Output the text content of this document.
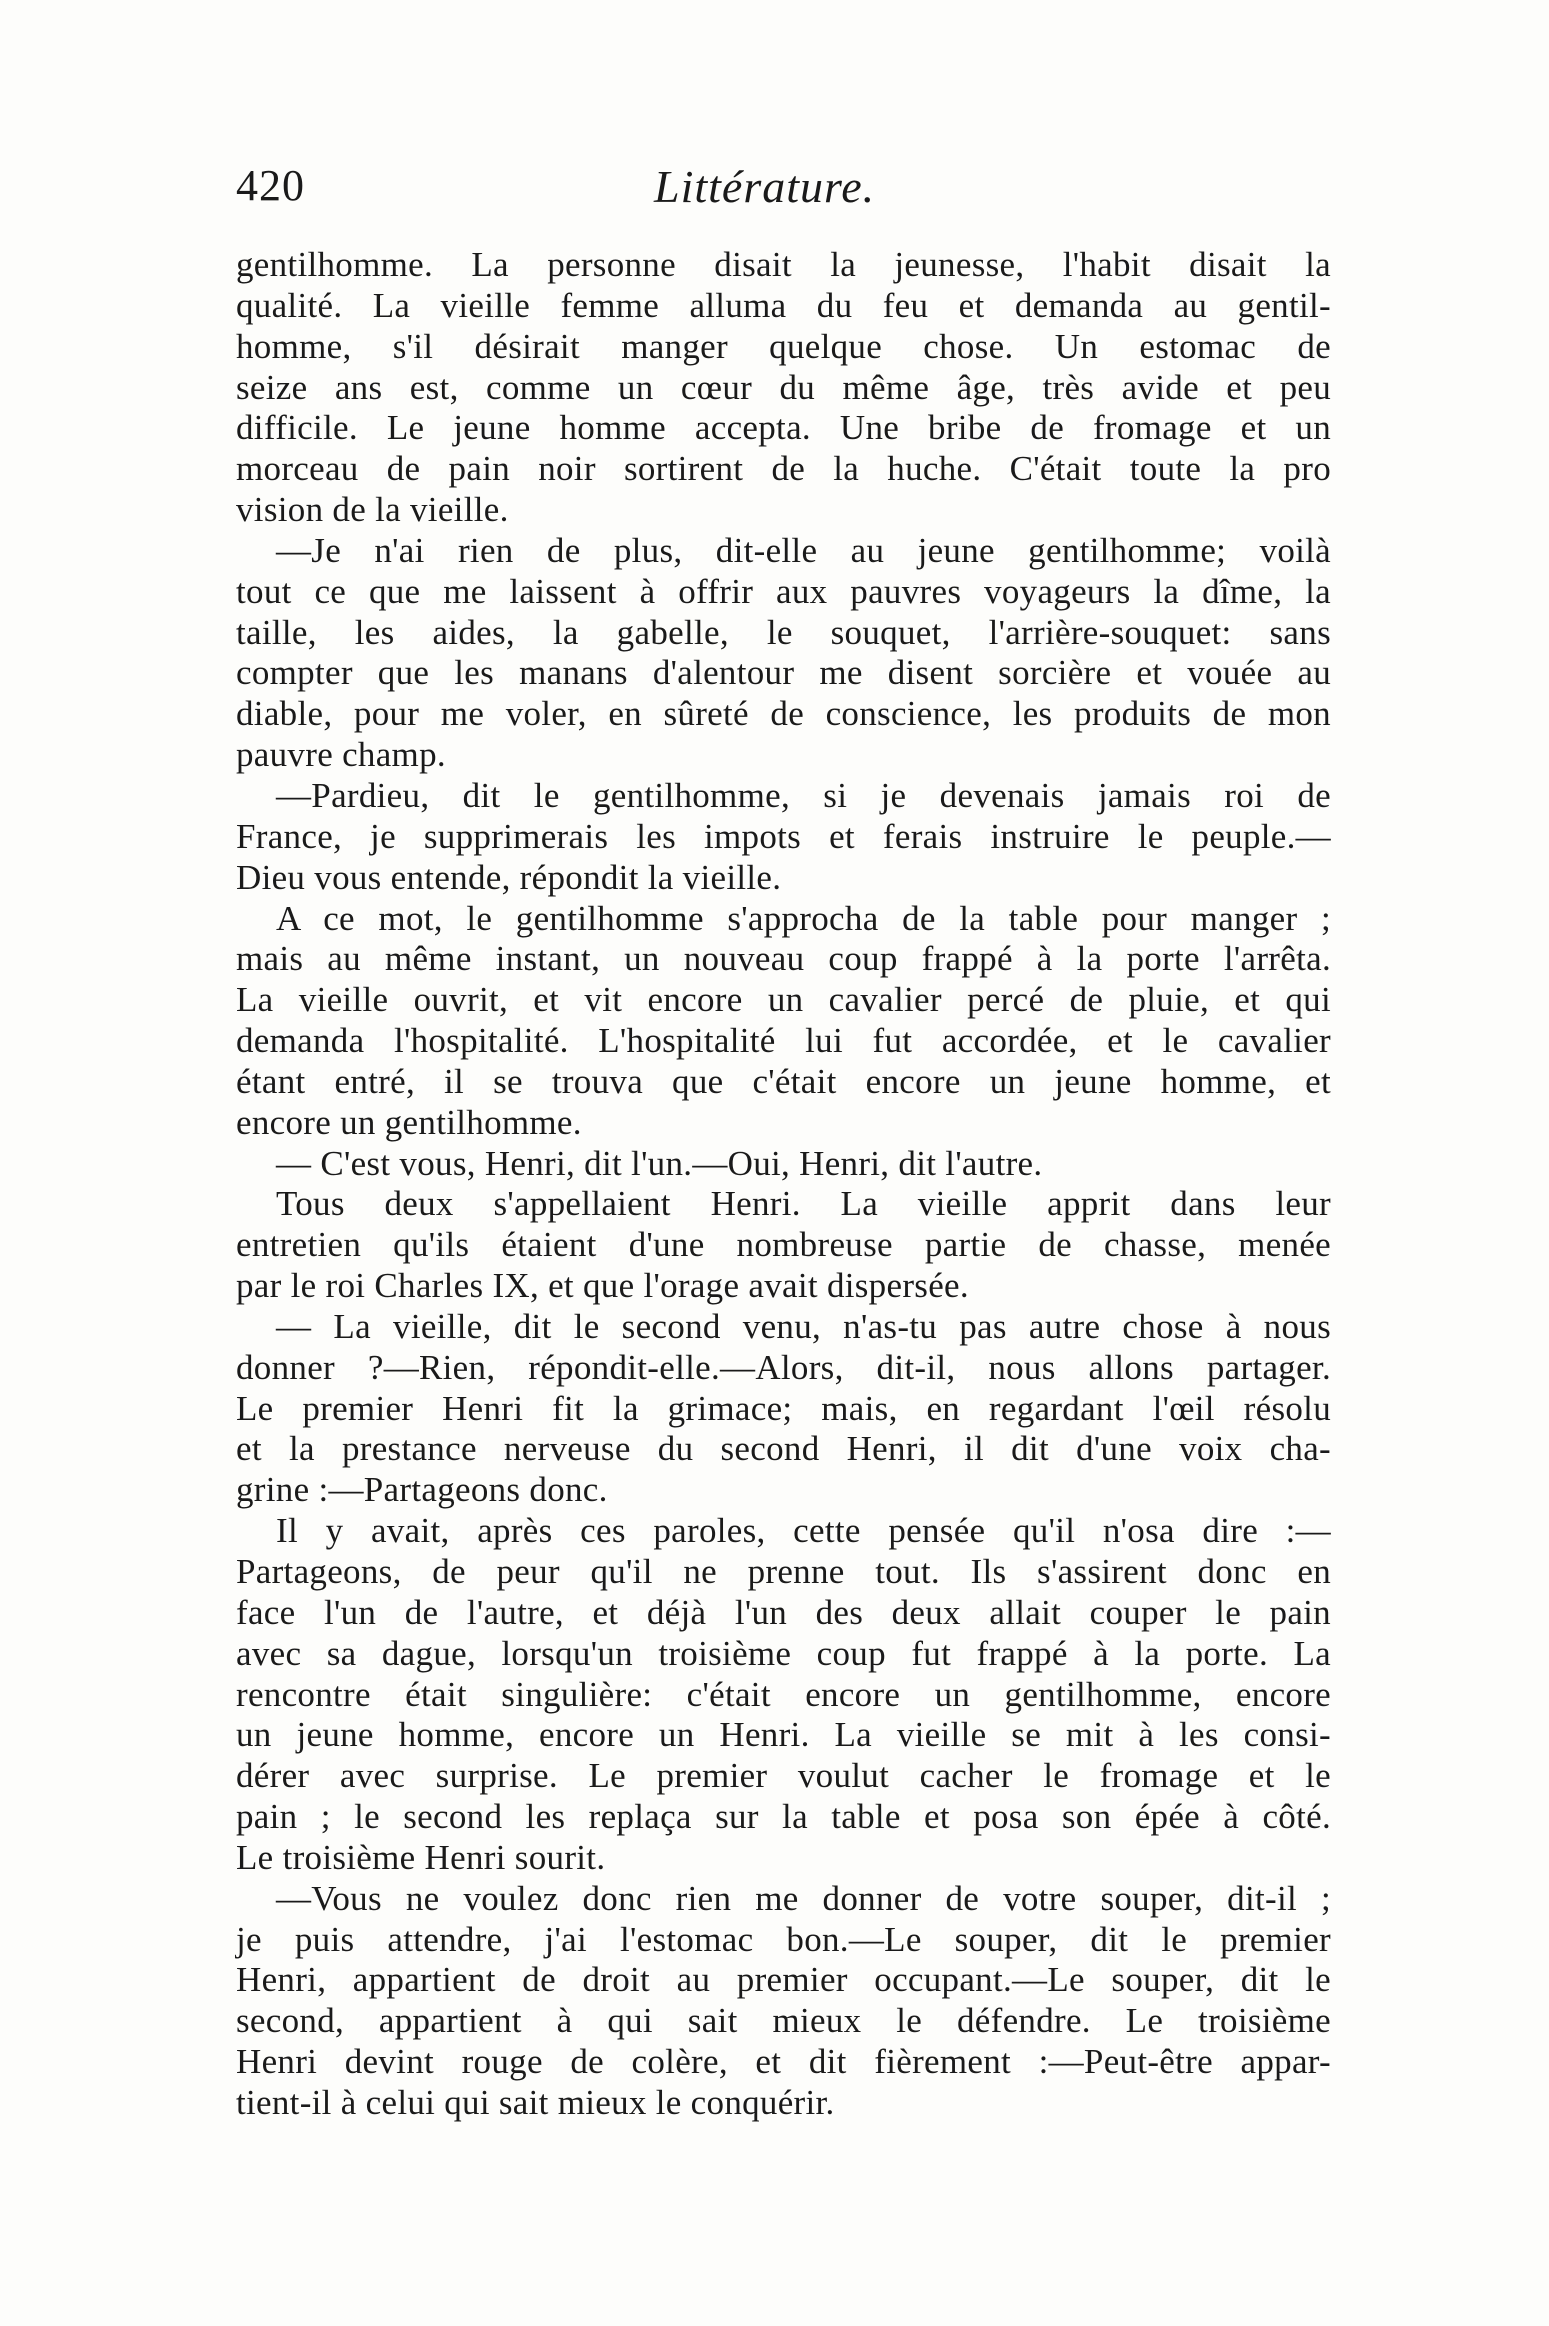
420	Littérature.
gentilhomme. La personne disait la jeunesse, l'habit disait la
qualité. La vieille femme alluma du feu et demanda au gentil-
homme, s'il désirait manger quelque chose. Un estomac de
seize ans est, comme un cœur du même âge, très avide et peu
difficile. Le jeune homme accepta. Une bribe de fromage et un
morceau de pain noir sortirent de la huche. C'était toute la pro
vision de la vieille.
—Je n'ai rien de plus, dit-elle au jeune gentilhomme; voilà
tout ce que me laissent à offrir aux pauvres voyageurs la dîme, la
taille, les aides, la gabelle, le souquet, l'arrière-souquet: sans
compter que les manans d'alentour me disent sorcière et vouée au
diable, pour me voler, en sûreté de conscience, les produits de mon
pauvre champ.
—Pardieu, dit le gentilhomme, si je devenais jamais roi de
France, je supprimerais les impots et ferais instruire le peuple.—
Dieu vous entende, répondit la vieille.
A ce mot, le gentilhomme s'approcha de la table pour manger ;
mais au même instant, un nouveau coup frappé à la porte l'arrêta.
La vieille ouvrit, et vit encore un cavalier percé de pluie, et qui
demanda l'hospitalité. L'hospitalité lui fut accordée, et le cavalier
étant entré, il se trouva que c'était encore un jeune homme, et
encore un gentilhomme.
— C'est vous, Henri, dit l'un.—Oui, Henri, dit l'autre.
Tous deux s'appellaient Henri. La vieille apprit dans leur
entretien qu'ils étaient d'une nombreuse partie de chasse, menée
par le roi Charles IX, et que l'orage avait dispersée.
— La vieille, dit le second venu, n'as-tu pas autre chose à nous
donner ?—Rien, répondit-elle.—Alors, dit-il, nous allons partager.
Le premier Henri fit la grimace; mais, en regardant l'œil résolu
et la prestance nerveuse du second Henri, il dit d'une voix cha-
grine :—Partageons donc.
Il y avait, après ces paroles, cette pensée qu'il n'osa dire :—
Partageons, de peur qu'il ne prenne tout. Ils s'assirent donc en
face l'un de l'autre, et déjà l'un des deux allait couper le pain
avec sa dague, lorsqu'un troisième coup fut frappé à la porte. La
rencontre était singulière: c'était encore un gentilhomme, encore
un jeune homme, encore un Henri. La vieille se mit à les consi-
dérer avec surprise. Le premier voulut cacher le fromage et le
pain ; le second les replaça sur la table et posa son épée à côté.
Le troisième Henri sourit.
—Vous ne voulez donc rien me donner de votre souper, dit-il ;
je puis attendre, j'ai l'estomac bon.—Le souper, dit le premier
Henri, appartient de droit au premier occupant.—Le souper, dit le
second, appartient à qui sait mieux le défendre. Le troisième
Henri devint rouge de colère, et dit fièrement :—Peut-être appar-
tient-il à celui qui sait mieux le conquérir.
